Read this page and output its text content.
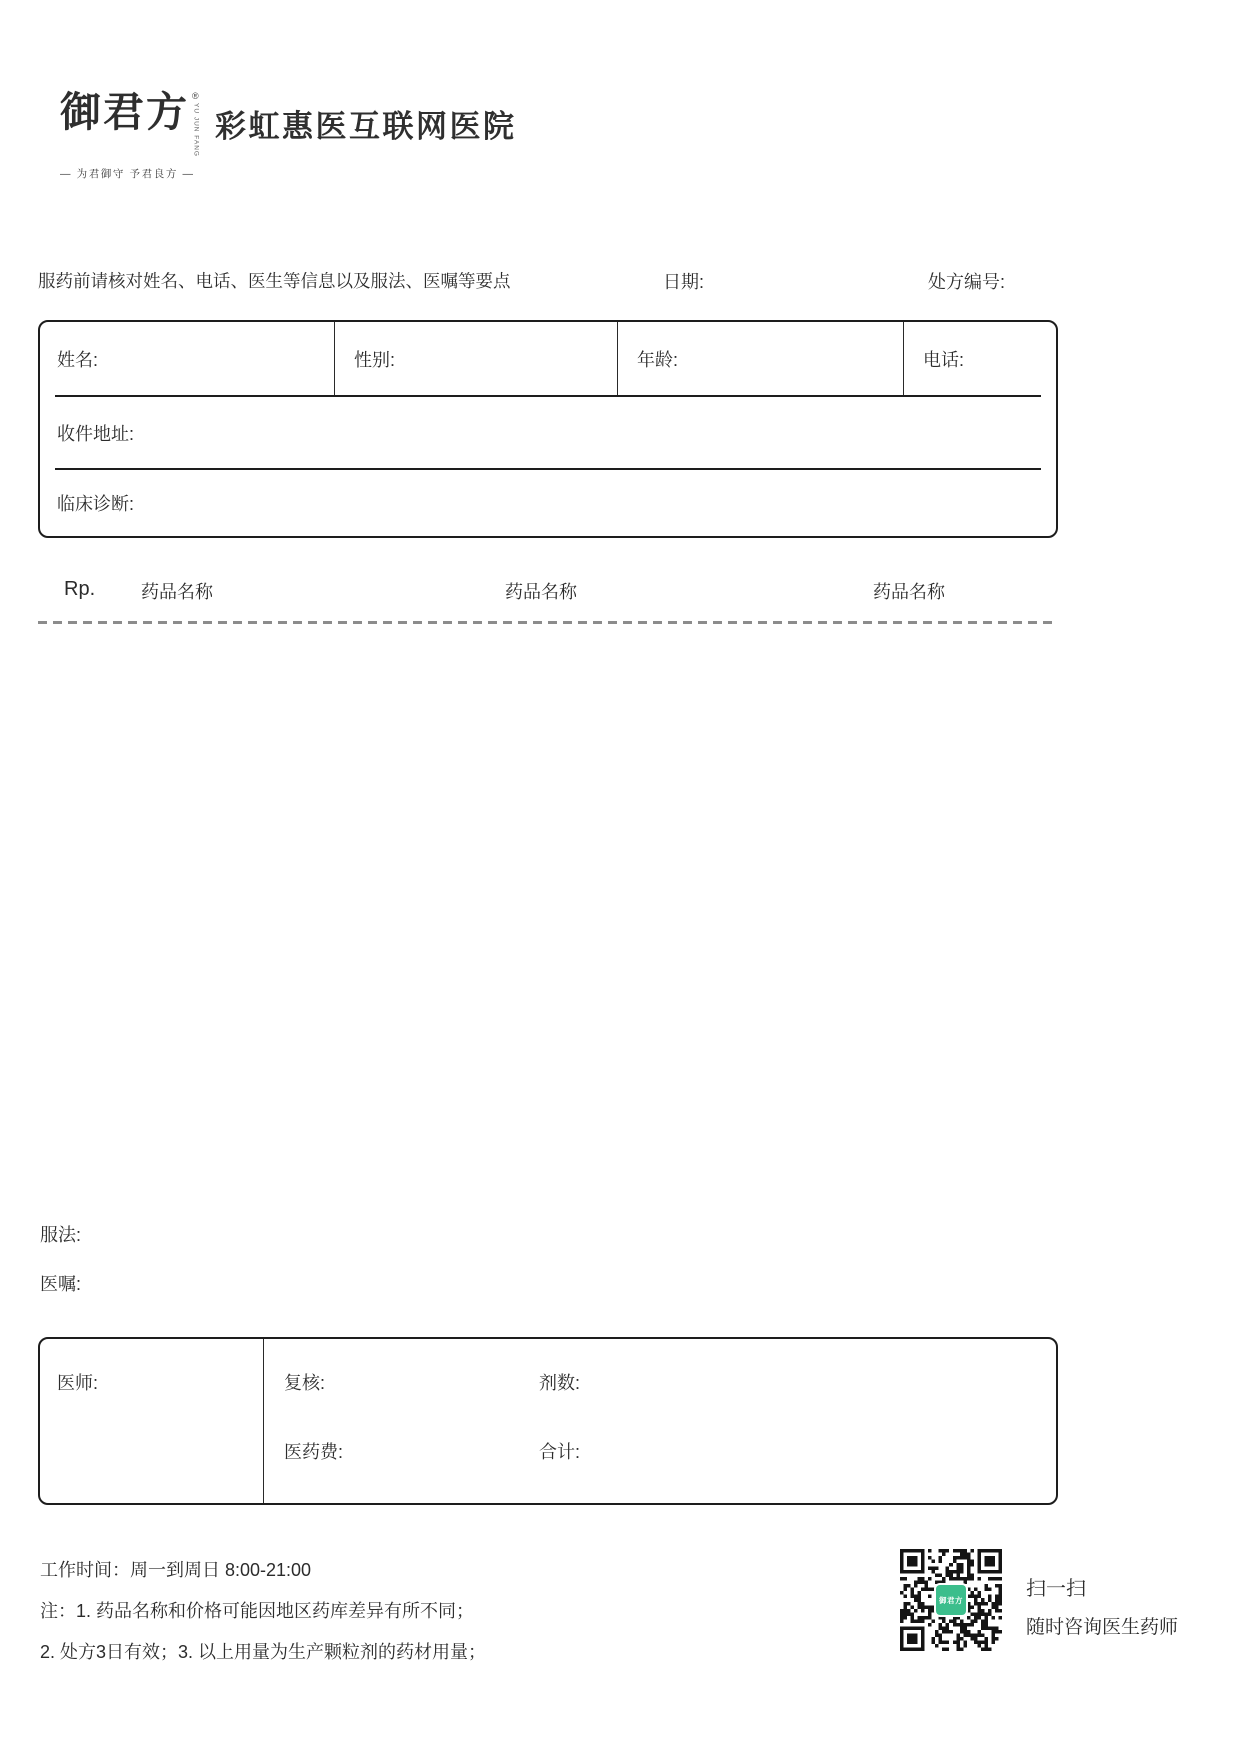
御君方 ®
YU JUN FANG
— 为君御守 予君良方 —
彩虹惠医互联网医院
服药前请核对姓名、电话、医生等信息以及服法、医嘱等要点	日期:	处方编号:
姓名:	性别:	年龄:	电话:
收件地址:
临床诊断:
Rp.	药品名称	药品名称	药品名称
服法:
医嘱:
医师:	复核:	剂数:
医药费:	合计:
工作时间：周一到周日 8:00-21:00
注：1. 药品名称和价格可能因地区药库差异有所不同；
2. 处方3日有效；3. 以上用量为生产颗粒剂的药材用量；
御君方	扫一扫
随时咨询医生药师
